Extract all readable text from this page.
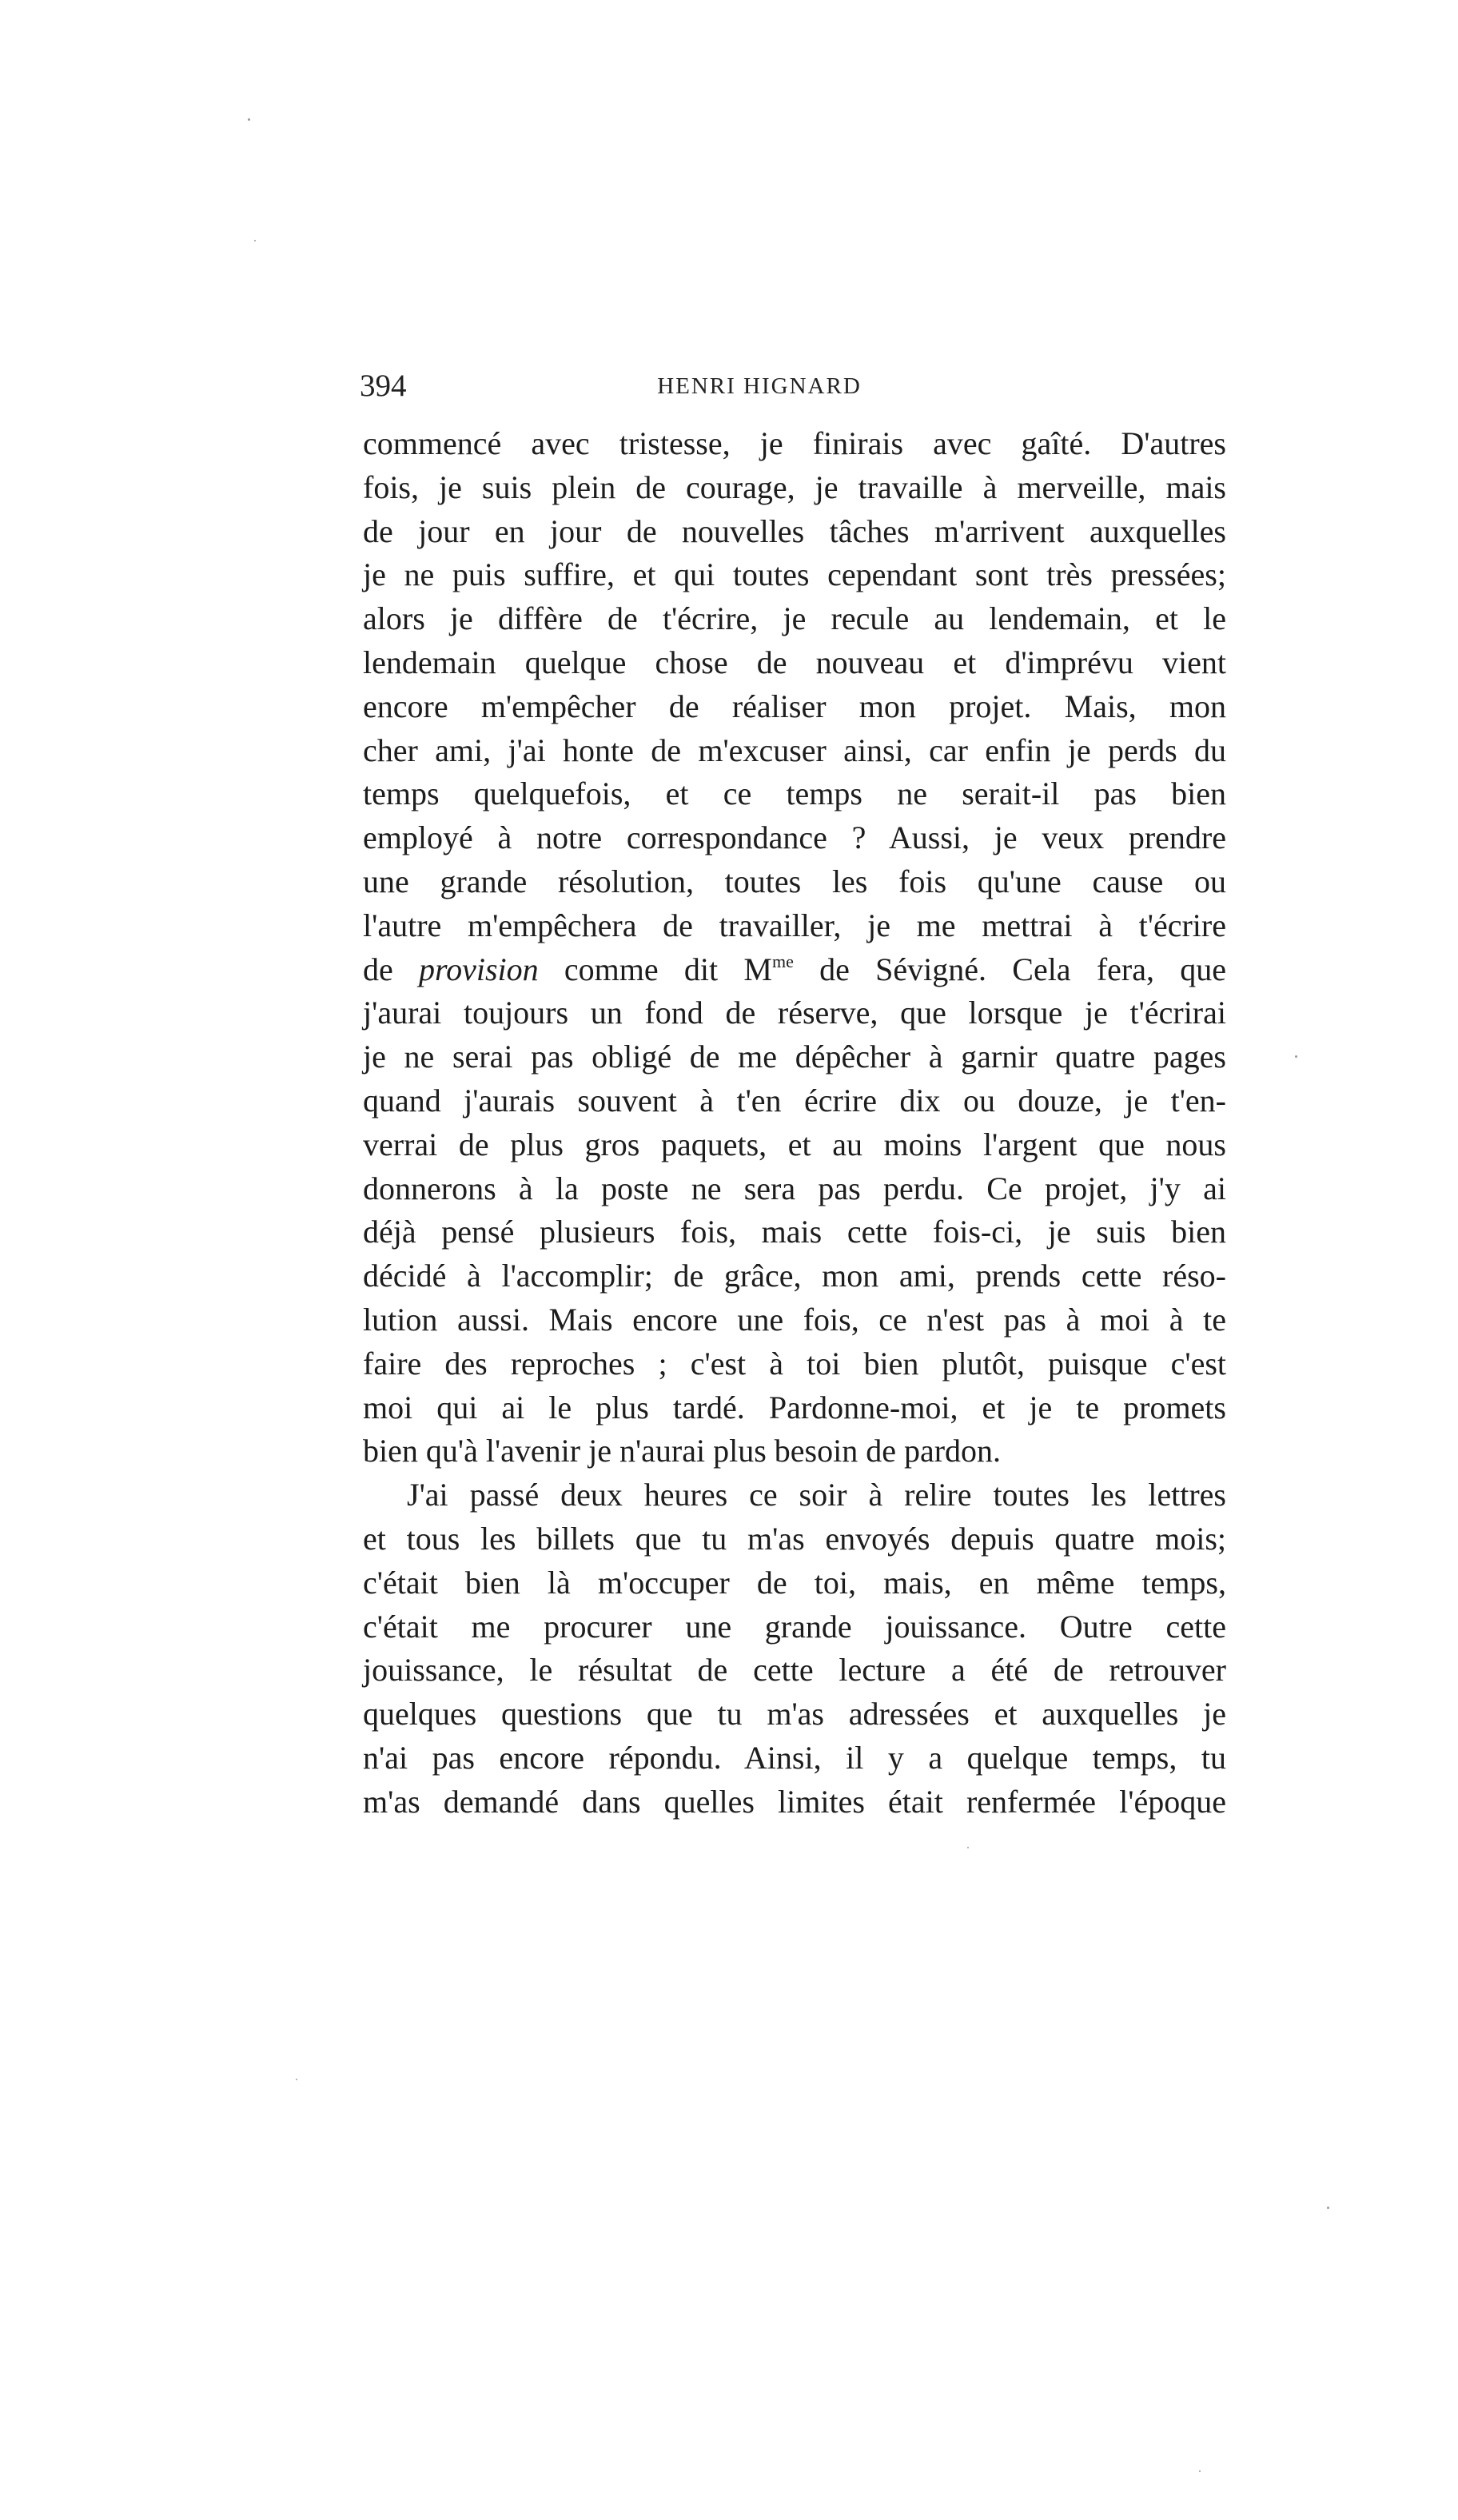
394	HENRI HIGNARD
commencé avec tristesse, je finirais avec gaîté. D'autres
fois, je suis plein de courage, je travaille à merveille, mais
de jour en jour de nouvelles tâches m'arrivent auxquelles
je ne puis suffire, et qui toutes cependant sont très pressées;
alors je diffère de t'écrire, je recule au lendemain, et le
lendemain quelque chose de nouveau et d'imprévu vient
encore m'empêcher de réaliser mon projet. Mais, mon
cher ami, j'ai honte de m'excuser ainsi, car enfin je perds du
temps quelquefois, et ce temps ne serait-il pas bien
employé à notre correspondance ? Aussi, je veux prendre
une grande résolution, toutes les fois qu'une cause ou
l'autre m'empêchera de travailler, je me mettrai à t'écrire
de provision comme dit $M^{me}$ de Sévigné. Cela fera, que
j'aurai toujours un fond de réserve, que lorsque je t'écrirai
je ne serai pas obligé de me dépêcher à garnir quatre pages
quand j'aurais souvent à t'en écrire dix ou douze, je t'en-
verrai de plus gros paquets, et au moins l'argent que nous
donnerons à la poste ne sera pas perdu. Ce projet, j'y ai
déjà pensé plusieurs fois, mais cette fois-ci, je suis bien
décidé à l'accomplir; de grâce, mon ami, prends cette réso-
lution aussi. Mais encore une fois, ce n'est pas à moi à te
faire des reproches ; c'est à toi bien plutôt, puisque c'est
moi qui ai le plus tardé. Pardonne-moi, et je te promets
bien qu'à l'avenir je n'aurai plus besoin de pardon.
J'ai passé deux heures ce soir à relire toutes les lettres
et tous les billets que tu m'as envoyés depuis quatre mois;
c'était bien là m'occuper de toi, mais, en même temps,
c'était me procurer une grande jouissance. Outre cette
jouissance, le résultat de cette lecture a été de retrouver
quelques questions que tu m'as adressées et auxquelles je
n'ai pas encore répondu. Ainsi, il y a quelque temps, tu
m'as demandé dans quelles limites était renfermée l'époque
